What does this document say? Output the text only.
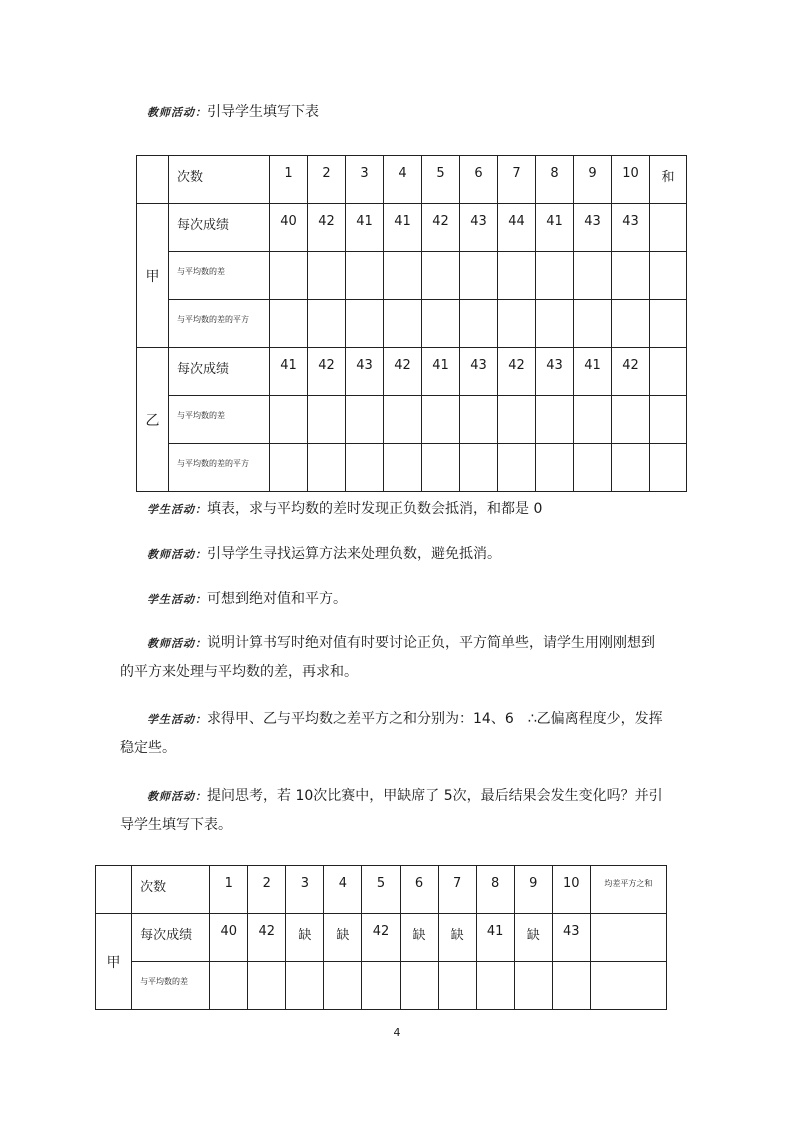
教师活动：引导学生填写下表

	次数	1	2	3	4	5	6	7	8	9	10	和

甲	每次成绩	40	42	41	41	42	43	44	41	43	43	

	与平均数的差											

	与平均数的差的平方											

乙	每次成绩	41	42	43	42	41	43	42	43	41	42	

	与平均数的差											

	与平均数的差的平方											

学生活动：填表，求与平均数的差时发现正负数会抵消，和都是 0
教师活动：引导学生寻找运算方法来处理负数，避免抵消。
学生活动：可想到绝对值和平方。
教师活动：说明计算书写时绝对值有时要讨论正负，平方简单些，请学生用刚刚想到
的平方来处理与平均数的差，再求和。
学生活动：求得甲、乙与平均数之差平方之和分别为：14、6　∴乙偏离程度少，发挥
稳定些。
教师活动：提问思考，若 10次比赛中，甲缺席了 5次，最后结果会发生变化吗？并引
导学生填写下表。

	次数	1	2	3	4	5	6	7	8	9	10	均差平方之和

甲	每次成绩	40	42	缺	缺	42	缺	缺	41	缺	43	

	与平均数的差											

4
